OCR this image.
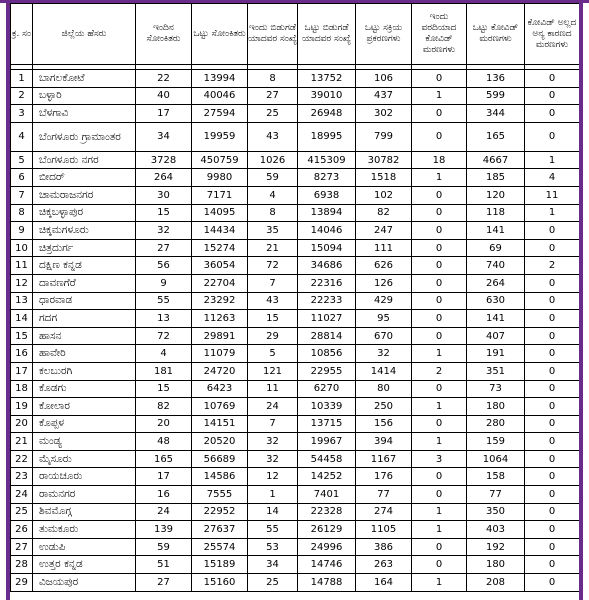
ಕ್ರ. ಸಂ	ಜಿಲ್ಲೆಯ ಹೆಸರು	ಇಂದಿನ ಸೋಂಕಿತರು	ಒಟ್ಟು ಸೋಂಕಿತರು	ಇಂದು ಬಿಡುಗಡೆ ಯಾದವರ ಸಂಖ್ಯೆ	ಒಟ್ಟು ಬಿಡುಗಡೆ ಯಾದವರ ಸಂಖ್ಯೆ	ಒಟ್ಟು ಸಕ್ರಿಯ ಪ್ರಕರಣಗಳು	ಇಂದು ವರದಿಯಾದ ಕೋವಿಡ್ ಮರಣಗಳು	ಒಟ್ಟು ಕೋವಿಡ್ ಮರಣಗಳು	ಕೋವಿಡ್ ಅಲ್ಲದ ಅನ್ಯ ಕಾರಣದ ಮರಣಗಳು

1	ಬಾಗಲಕೋಟೆ	22	13994	8	13752	106	0	136	0
2	ಬಳ್ಳಾರಿ	40	40046	27	39010	437	1	599	0
3	ಬೆಳಗಾವಿ	17	27594	25	26948	302	0	344	0
4	ಬೆಂಗಳೂರು ಗ್ರಾಮಾಂತರ	34	19959	43	18995	799	0	165	0
5	ಬೆಂಗಳೂರು ನಗರ	3728	450759	1026	415309	30782	18	4667	1
6	ಬೀದರ್	264	9980	59	8273	1518	1	185	4
7	ಚಾಮರಾಜನಗರ	30	7171	4	6938	102	0	120	11
8	ಚಿಕ್ಕಬಳ್ಳಾಪುರ	15	14095	8	13894	82	0	118	1
9	ಚಿಕ್ಕಮಗಳೂರು	32	14434	35	14046	247	0	141	0
10	ಚಿತ್ರದುರ್ಗ	27	15274	21	15094	111	0	69	0
11	ದಕ್ಷಿಣ ಕನ್ನಡ	56	36054	72	34686	626	0	740	2
12	ದಾವಣಗೆರೆ	9	22704	7	22316	126	0	264	0
13	ಧಾರವಾಡ	55	23292	43	22233	429	0	630	0
14	ಗದಗ	13	11263	15	11027	95	0	141	0
15	ಹಾಸನ	72	29891	29	28814	670	0	407	0
16	ಹಾವೇರಿ	4	11079	5	10856	32	1	191	0
17	ಕಲಬುರಗಿ	181	24720	121	22955	1414	2	351	0
18	ಕೊಡಗು	15	6423	11	6270	80	0	73	0
19	ಕೋಲಾರ	82	10769	24	10339	250	1	180	0
20	ಕೊಪ್ಪಳ	20	14151	7	13715	156	0	280	0
21	ಮಂಡ್ಯ	48	20520	32	19967	394	1	159	0
22	ಮೈಸೂರು	165	56689	32	54458	1167	3	1064	0
23	ರಾಯಚೂರು	17	14586	12	14252	176	0	158	0
24	ರಾಮನಗರ	16	7555	1	7401	77	0	77	0
25	ಶಿವಮೊಗ್ಗ	24	22952	14	22328	274	1	350	0
26	ತುಮಕೂರು	139	27637	55	26129	1105	1	403	0
27	ಉಡುಪಿ	59	25574	53	24996	386	0	192	0
28	ಉತ್ತರ ಕನ್ನಡ	51	15189	34	14746	263	0	180	0
29	ವಿಜಯಪುರ	27	15160	25	14788	164	1	208	0
